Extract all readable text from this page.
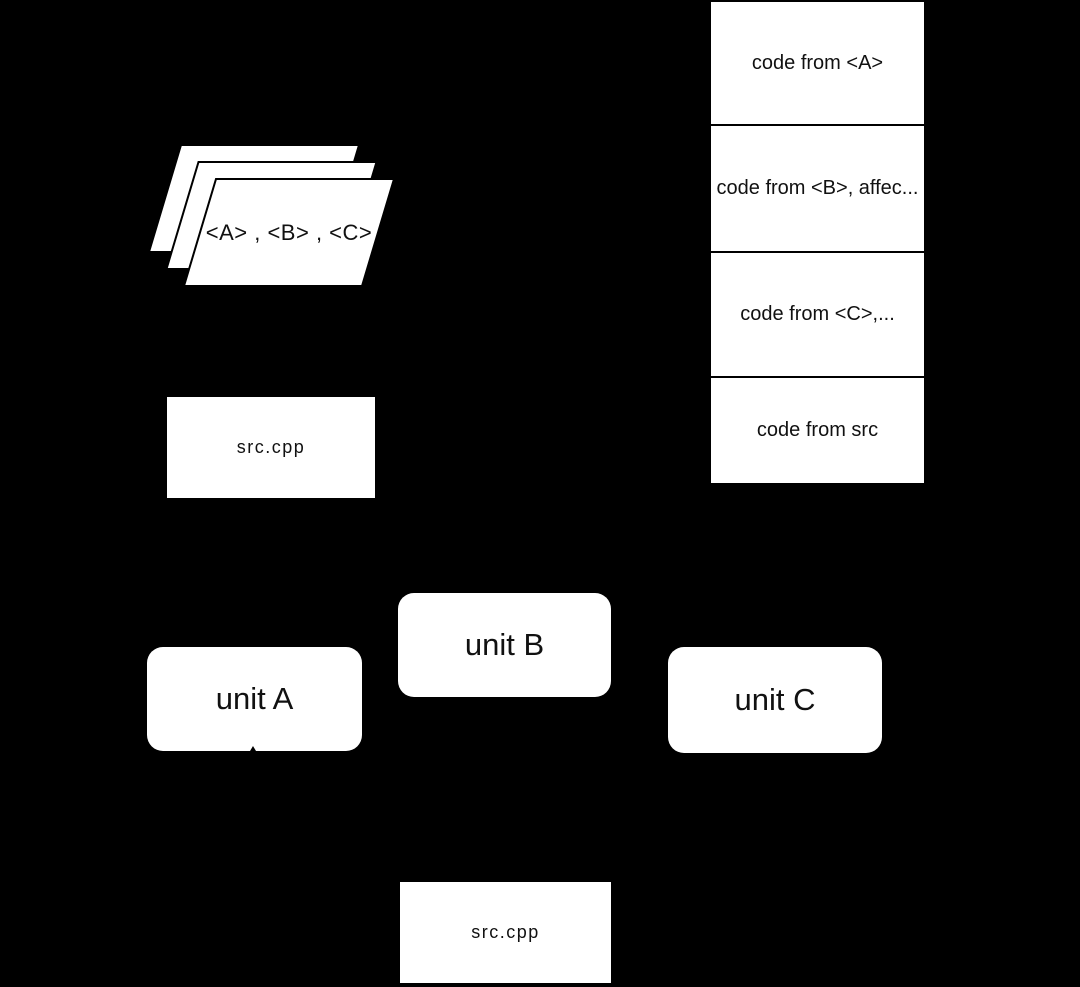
<A> , <B> , <C>
src.cpp
code from <A>
code from <B>, affec...
code from <C>,...
code from src
unit A
unit B
unit C
src.cpp
